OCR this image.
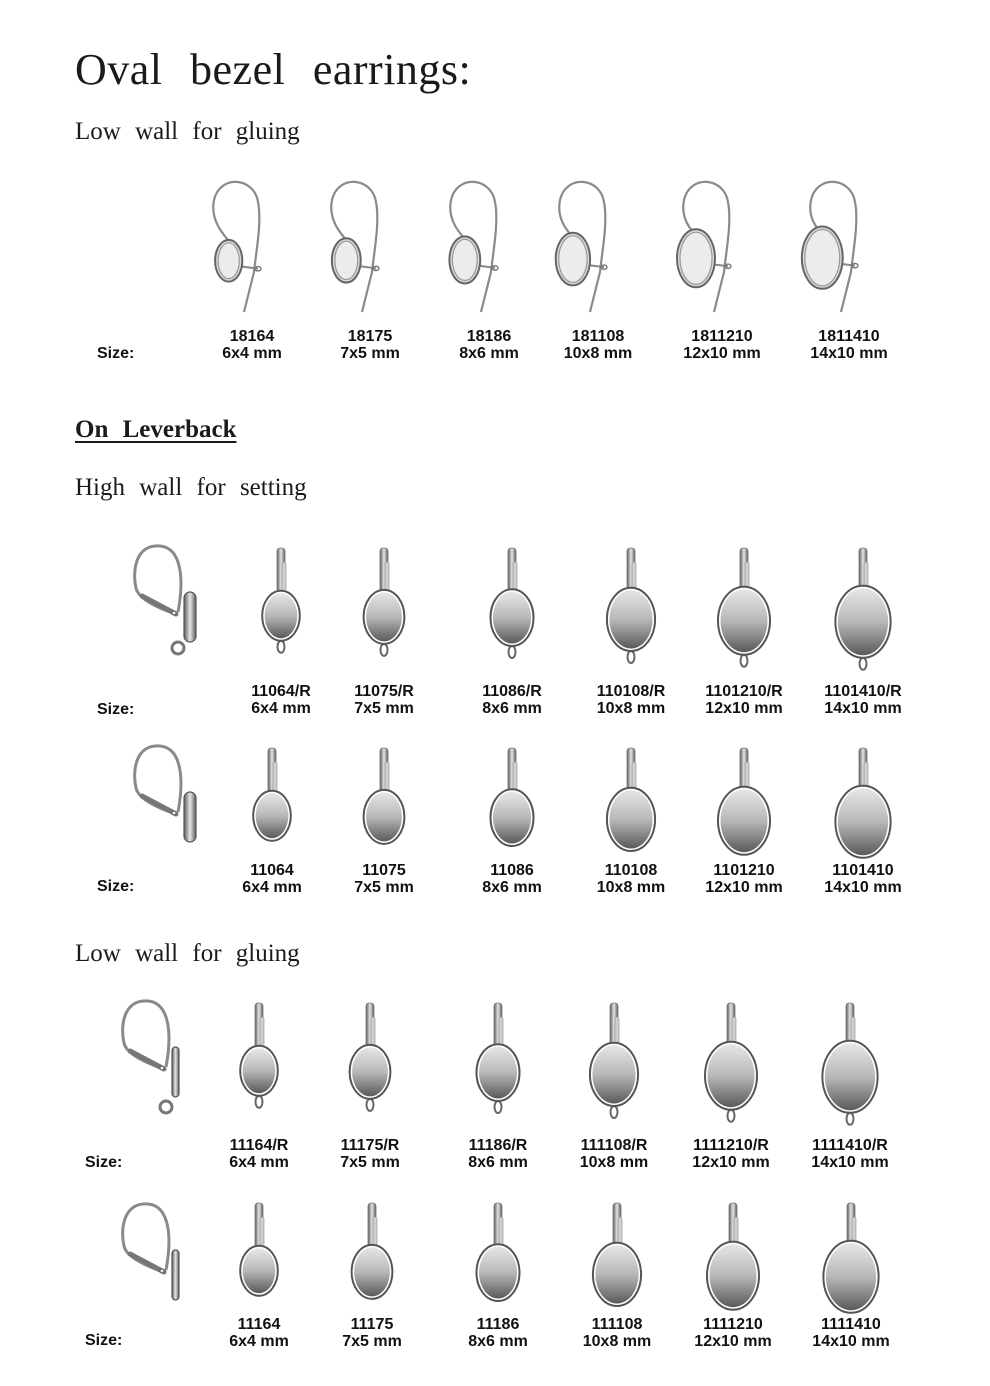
Oval bezel earrings:
Low wall for gluing
On Leverback
High wall for setting
Low wall for gluing
Size:
Size:
Size:
Size:
Size:
18164
6x4 mm
18175
7x5 mm
18186
8x6 mm
181108
10x8 mm
1811210
12x10 mm
1811410
14x10 mm
11064/R
6x4 mm
11075/R
7x5 mm
11086/R
8x6 mm
110108/R
10x8 mm
1101210/R
12x10 mm
1101410/R
14x10 mm
11064
6x4 mm
11075
7x5 mm
11086
8x6 mm
110108
10x8 mm
1101210
12x10 mm
1101410
14x10 mm
11164/R
6x4 mm
11175/R
7x5 mm
11186/R
8x6 mm
111108/R
10x8 mm
1111210/R
12x10 mm
1111410/R
14x10 mm
11164
6x4 mm
11175
7x5 mm
11186
8x6 mm
111108
10x8 mm
1111210
12x10 mm
1111410
14x10 mm
